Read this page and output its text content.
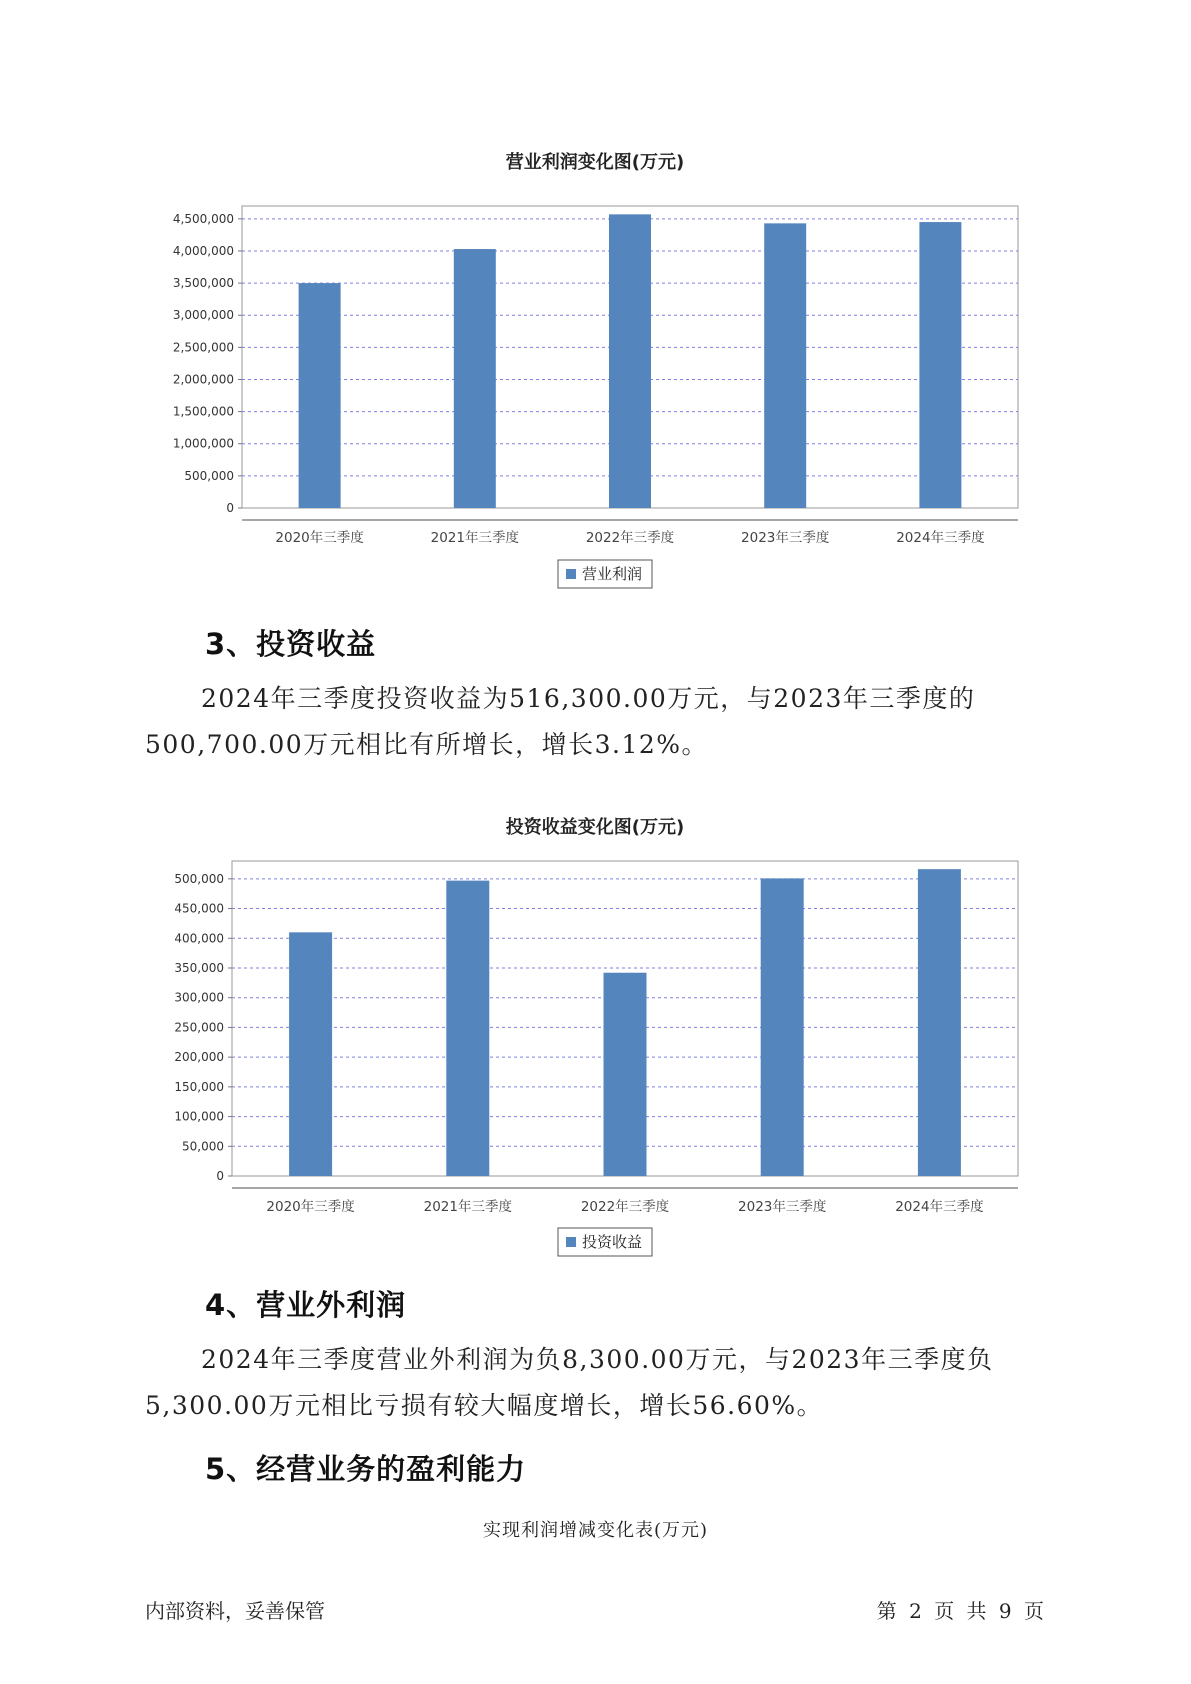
营业利润变化图(万元)
0
500,000
1,000,000
1,500,000
2,000,000
2,500,000
3,000,000
3,500,000
4,000,000
4,500,000
2020年三季度	2021年三季度	2022年三季度	2023年三季度	2024年三季度
营业利润
3、投资收益

2024年三季度投资收益为516,300.00万元，与2023年三季度的

500,700.00万元相比有所增长，增长3.12%。

投资收益变化图(万元)
0
50,000
100,000
150,000
200,000
250,000
300,000
350,000
400,000
450,000
500,000
2020年三季度	2021年三季度	2022年三季度	2023年三季度	2024年三季度
投资收益
4、营业外利润

2024年三季度营业外利润为负8,300.00万元，与2023年三季度负

5,300.00万元相比亏损有较大幅度增长，增长56.60%。

5、经营业务的盈利能力
实现利润增减变化表(万元)
内部资料，妥善保管	第 2 页 共 9 页
